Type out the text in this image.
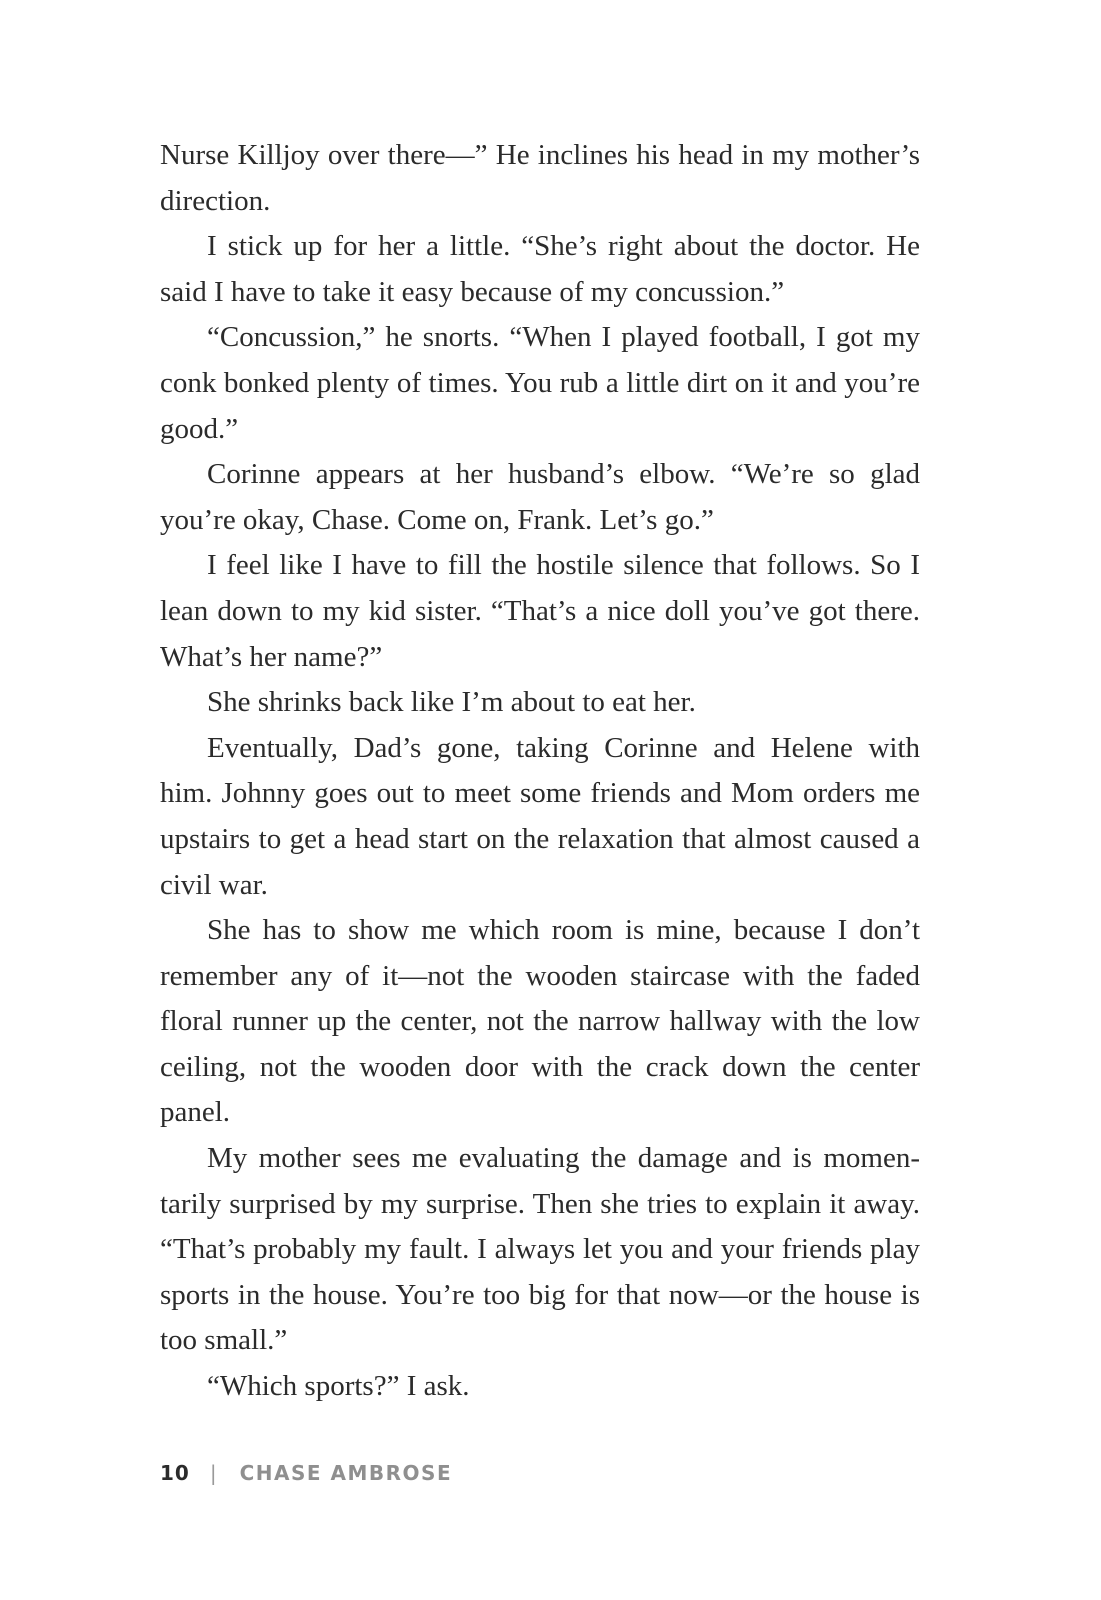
Nurse Killjoy over there—” He inclines his head in my mother’s direction.

I stick up for her a little. “She’s right about the doctor. He said I have to take it easy because of my concussion.”

“Concussion,” he snorts. “When I played football, I got my conk bonked plenty of times. You rub a little dirt on it and you’re good.”

Corinne appears at her husband’s elbow. “We’re so glad you’re okay, Chase. Come on, Frank. Let’s go.”

I feel like I have to fill the hostile silence that follows. So I lean down to my kid sister. “That’s a nice doll you’ve got there. What’s her name?”

She shrinks back like I’m about to eat her.

Eventually, Dad’s gone, taking Corinne and Helene with him. Johnny goes out to meet some friends and Mom orders me upstairs to get a head start on the relaxation that almost caused a civil war.

She has to show me which room is mine, because I don’t remember any of it—not the wooden staircase with the faded floral runner up the center, not the narrow hallway with the low ceiling, not the wooden door with the crack down the center panel.

My mother sees me evaluating the damage and is momentarily surprised by my surprise. Then she tries to explain it away. “That’s probably my fault. I always let you and your friends play sports in the house. You’re too big for that now—or the house is too small.”

“Which sports?” I ask.

10 | CHASE AMBROSE
